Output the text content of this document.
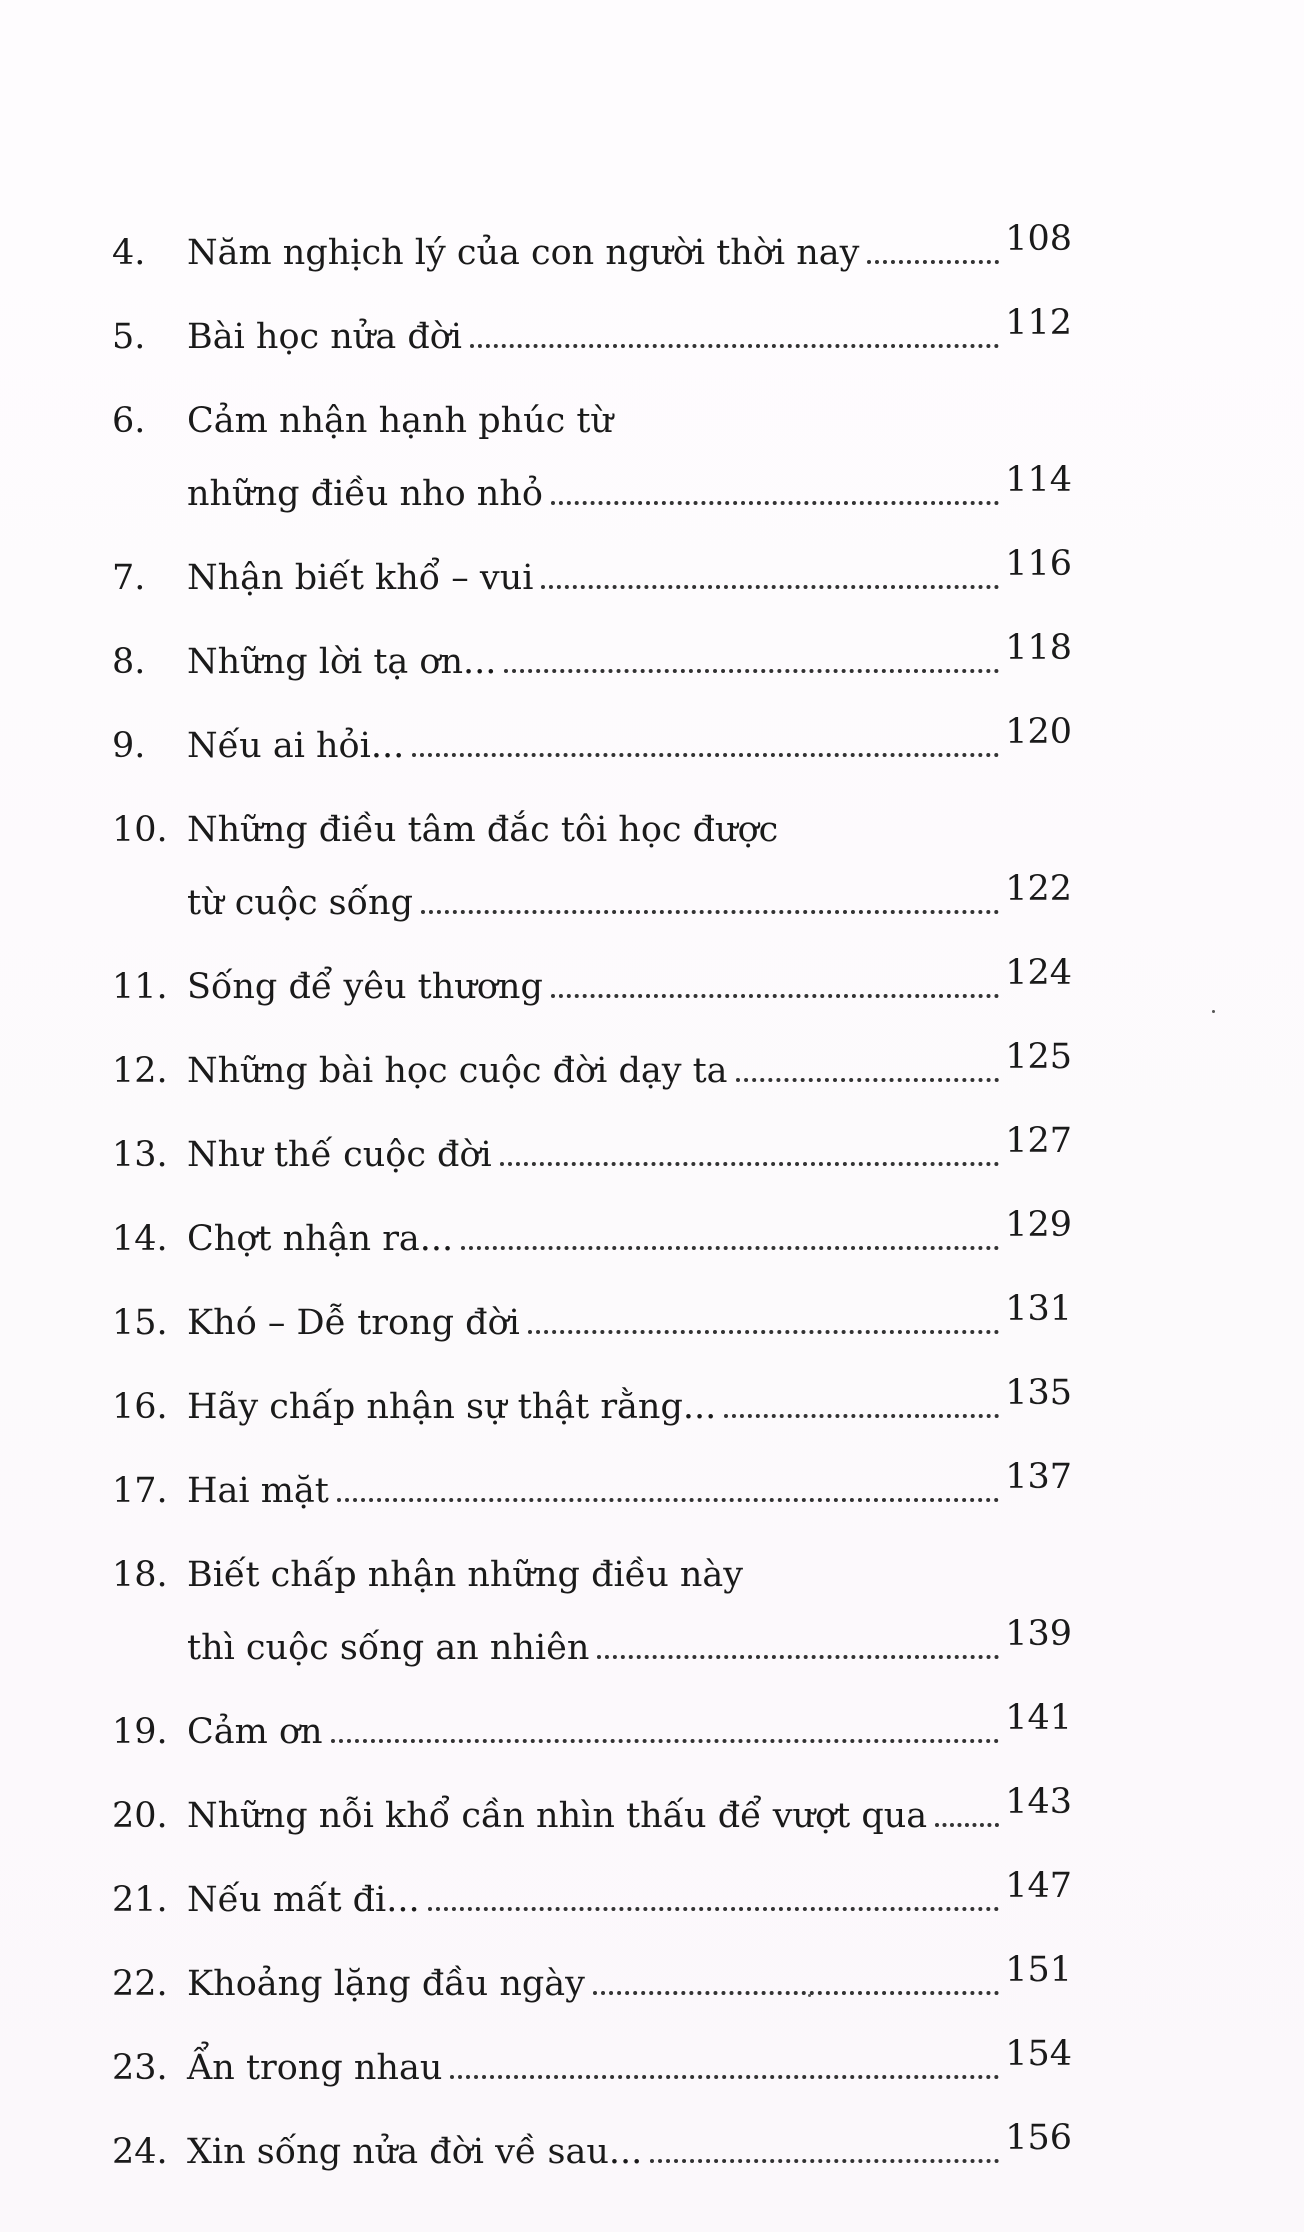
4.	Năm nghịch lý của con người thời nay	108
5.	Bài học nửa đời	112
6.	Cảm nhận hạnh phúc từ
những điều nho nhỏ	114
7.	Nhận biết khổ – vui	116
8.	Những lời tạ ơn...	118
9.	Nếu ai hỏi...	120
10. Những điều tâm đắc tôi học được
từ cuộc sống	122
11. Sống để yêu thương	124
12. Những bài học cuộc đời dạy ta	125
13. Như thế cuộc đời	127
14. Chợt nhận ra...	129
15. Khó – Dễ trong đời	131
16. Hãy chấp nhận sự thật rằng...	135
17. Hai mặt	137
18. Biết chấp nhận những điều này
thì cuộc sống an nhiên	139
19. Cảm ơn	141
20. Những nỗi khổ cần nhìn thấu để vượt qua 143
21. Nếu mất đi...	147
22. Khoảng lặng đầu ngày	151
23. Ẩn trong nhau	154
24. Xin sống nửa đời về sau...	156
